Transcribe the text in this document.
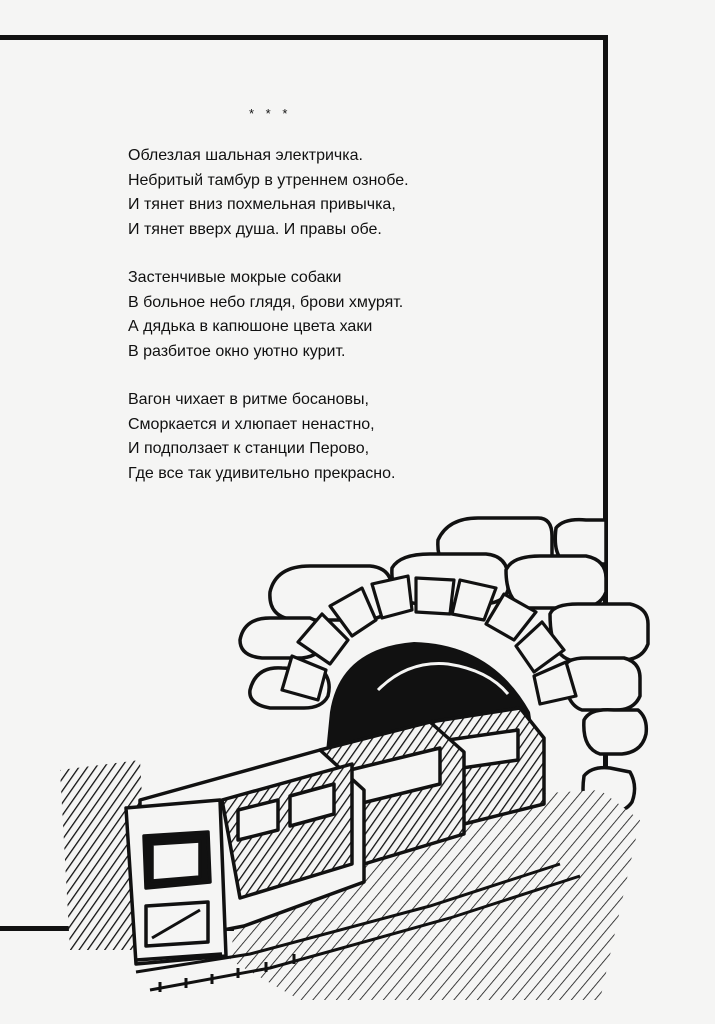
* * *
Облезлая шальная электричка.
Небритый тамбур в утреннем ознобе.
И тянет вниз похмельная привычка,
И тянет вверх душа. И правы обе.
Застенчивые мокрые собаки
В больное небо глядя, брови хмурят.
А дядька в капюшоне цвета хаки
В разбитое окно уютно курит.
Вагон чихает в ритме босановы,
Сморкается и хлюпает ненастно,
И подползает к станции Перово,
Где все так удивительно прекрасно.
